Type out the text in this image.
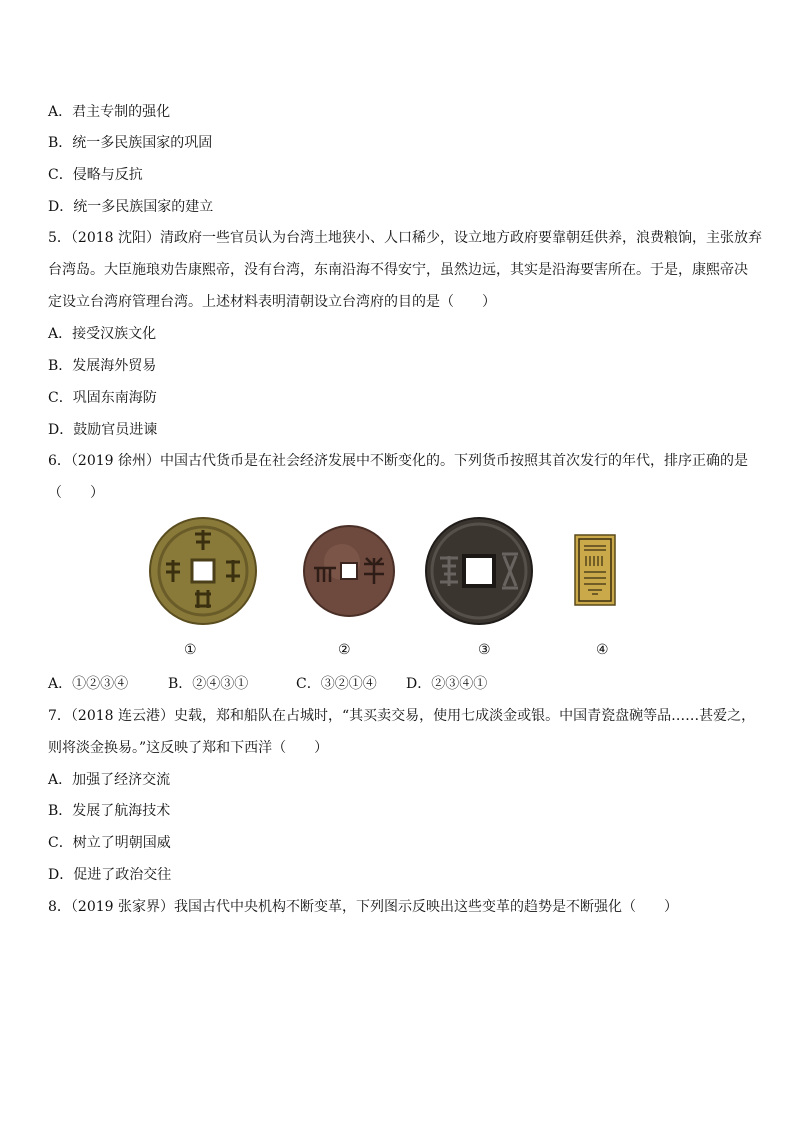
A．君主专制的强化
B．统一多民族国家的巩固
C．侵略与反抗
D．统一多民族国家的建立
5．（2018 沈阳）清政府一些官员认为台湾土地狭小、人口稀少，设立地方政府要靠朝廷供养，浪费粮饷，主张放弃
台湾岛。大臣施琅劝告康熙帝，没有台湾，东南沿海不得安宁，虽然边远，其实是沿海要害所在。于是，康熙帝决
定设立台湾府管理台湾。上述材料表明清朝设立台湾府的目的是（　　）
A．接受汉族文化
B．发展海外贸易
C．巩固东南海防
D．鼓励官员进谏
6．（2019 徐州）中国古代货币是在社会经济发展中不断变化的。下列货币按照其首次发行的年代，排序正确的是
（　　）
①	②	③	④
A．①②③④	B．②④③①	C．③②①④ D．②③④①
7．（2018 连云港）史载，郑和船队在占城时，“其买卖交易，使用七成淡金或银。中国青瓷盘碗等品……甚爱之，
则将淡金换易。”这反映了郑和下西洋（　　）
A．加强了经济交流
B．发展了航海技术
C．树立了明朝国威
D．促进了政治交往
8．（2019 张家界）我国古代中央机构不断变革，下列图示反映出这些变革的趋势是不断强化（　　）
